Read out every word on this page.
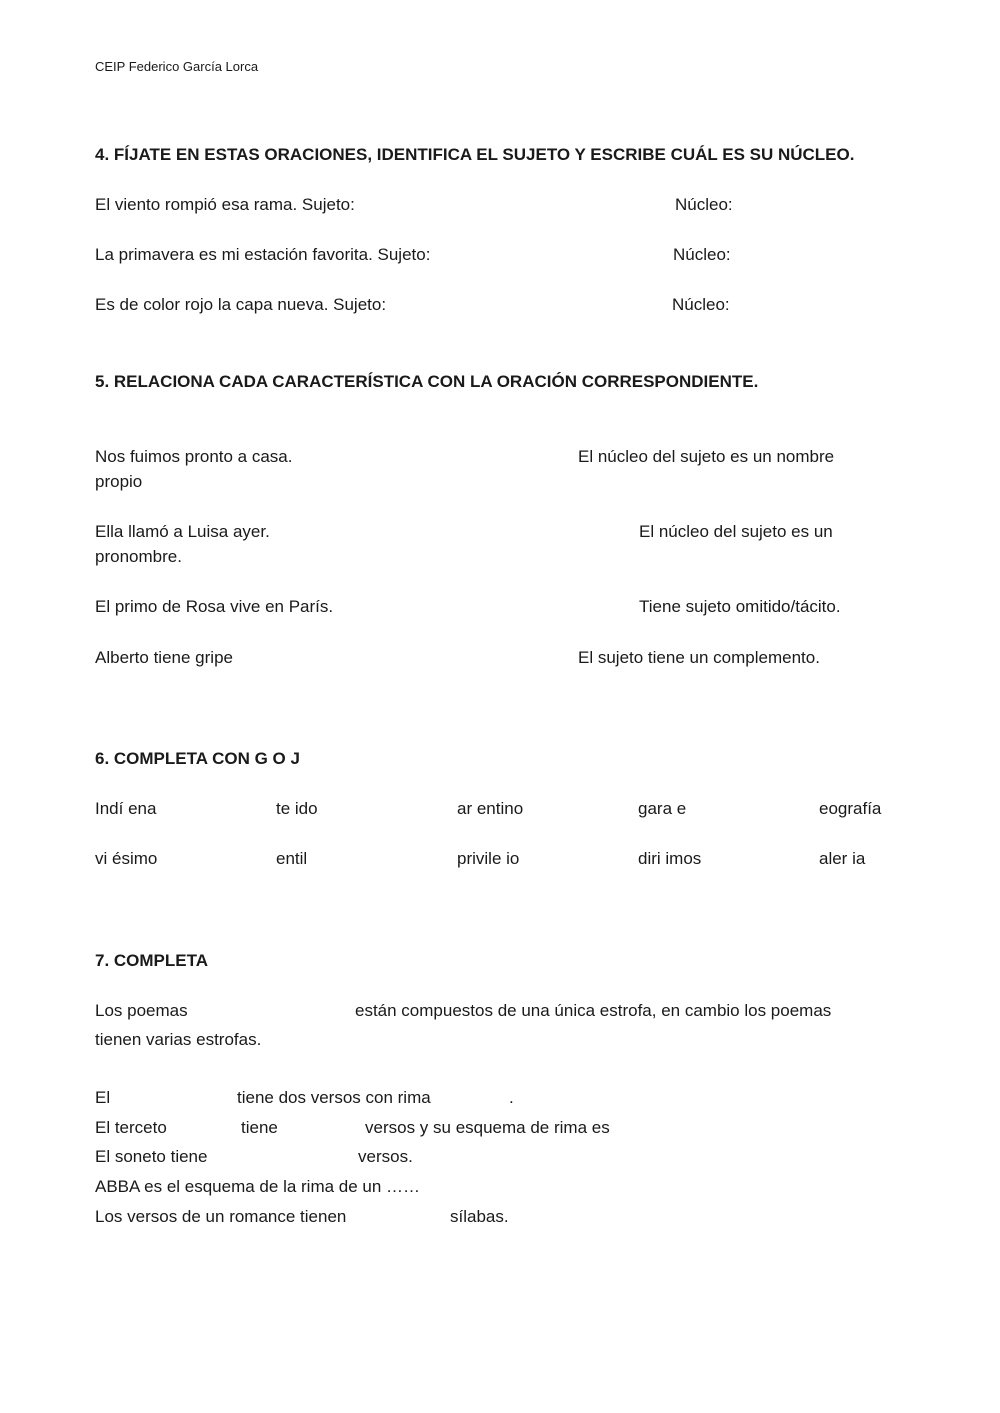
CEIP Federico García Lorca
4. FÍJATE EN ESTAS ORACIONES, IDENTIFICA EL SUJETO Y ESCRIBE CUÁL ES SU NÚCLEO.
El viento rompió esa rama. Sujeto:	Núcleo:
La primavera es mi estación favorita. Sujeto:	Núcleo:
Es de color rojo la capa nueva. Sujeto:	Núcleo:
5. RELACIONA CADA CARACTERÍSTICA CON LA ORACIÓN CORRESPONDIENTE.
Nos fuimos pronto a casa.	El núcleo del sujeto es un nombre
propio
Ella llamó a Luisa ayer.	El núcleo del sujeto es un
pronombre.
El primo de Rosa vive en París.	Tiene sujeto omitido/tácito.
Alberto tiene gripe	El sujeto tiene un complemento.
6. COMPLETA CON G O J
Indí ena	te ido	ar entino	gara e	eografía
vi ésimo	entil	privile io	diri imos	aler ia
7. COMPLETA
Los poemas	están compuestos de una única estrofa, en cambio los poemas
tienen varias estrofas.
El	tiene dos versos con rima	.
El terceto	tiene	versos y su esquema de rima es
El soneto tiene	versos.
ABBA es el esquema de la rima de un ……
Los versos de un romance tienen	sílabas.
